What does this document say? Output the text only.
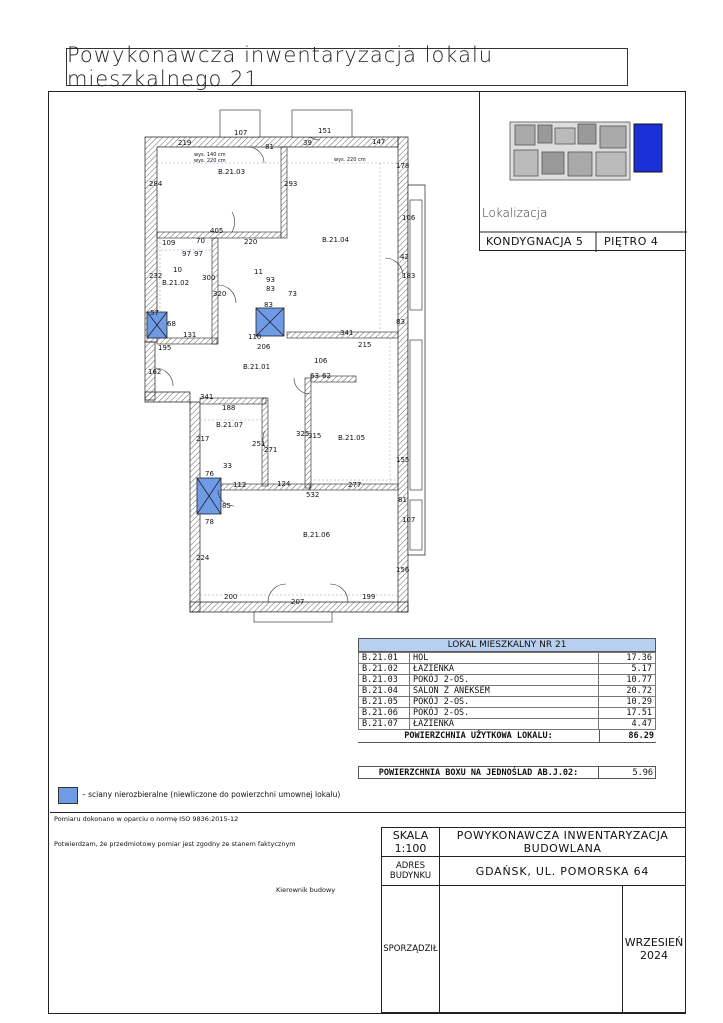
Powykonawcza inwentaryzacja lokalu mieszkalnego 21
Lokalizacja
KONDYGNACJA 5 PIĘTRO 4
B.21.03
B.21.04
B.21.02
B.21.01
B.21.07
B.21.05
B.21.06
219
107	151
147
81	39
178
284	293
405
220
109	70
97 97
10	11
232	300
320
93
83
83
73
57
68
131	110	341
83
195	206	215
162
106
63 62
341
188
217
251
271
325
315
277
76
33
112	124
532
78
85
224
200
207
199
156
155
107
42
183
106
81
wys. 140 cm
wys. 220 cm	wys. 220 cm
LOKAL MIESZKALNY NR 21
B.21.01	HOL	17.36
B.21.02	ŁAZIENKA	5.17
B.21.03	POKÓJ 2-OS.	10.77
B.21.04	SALON Z ANEKSEM	20.72
B.21.05	POKÓJ 2-OS.	10.29
B.21.06	POKÓJ 2-OS.	17.51
B.21.07	ŁAZIENKA	4.47
POWIERZCHNIA UŻYTKOWA LOKALU:	86.29
POWIERZCHNIA BOXU NA JEDNOŚLAD AB.J.02:	5.96
– sciany nierozbieralne (niewliczone do powierzchni umownej lokalu)
Pomiaru dokonano w oparciu o normę ISO 9836:2015-12
Potwierdzam, że przedmiotowy pomiar jest zgodny ze stanem faktycznym
Kierownik budowy
SKALA
1:100
POWYKONAWCZA INWENTARYZACJA BUDOWLANA
ADRES BUDYNKU	GDAŃSK, UL. POMORSKA 64
SPORZĄDZIŁ	WRZESIEŃ 2024
